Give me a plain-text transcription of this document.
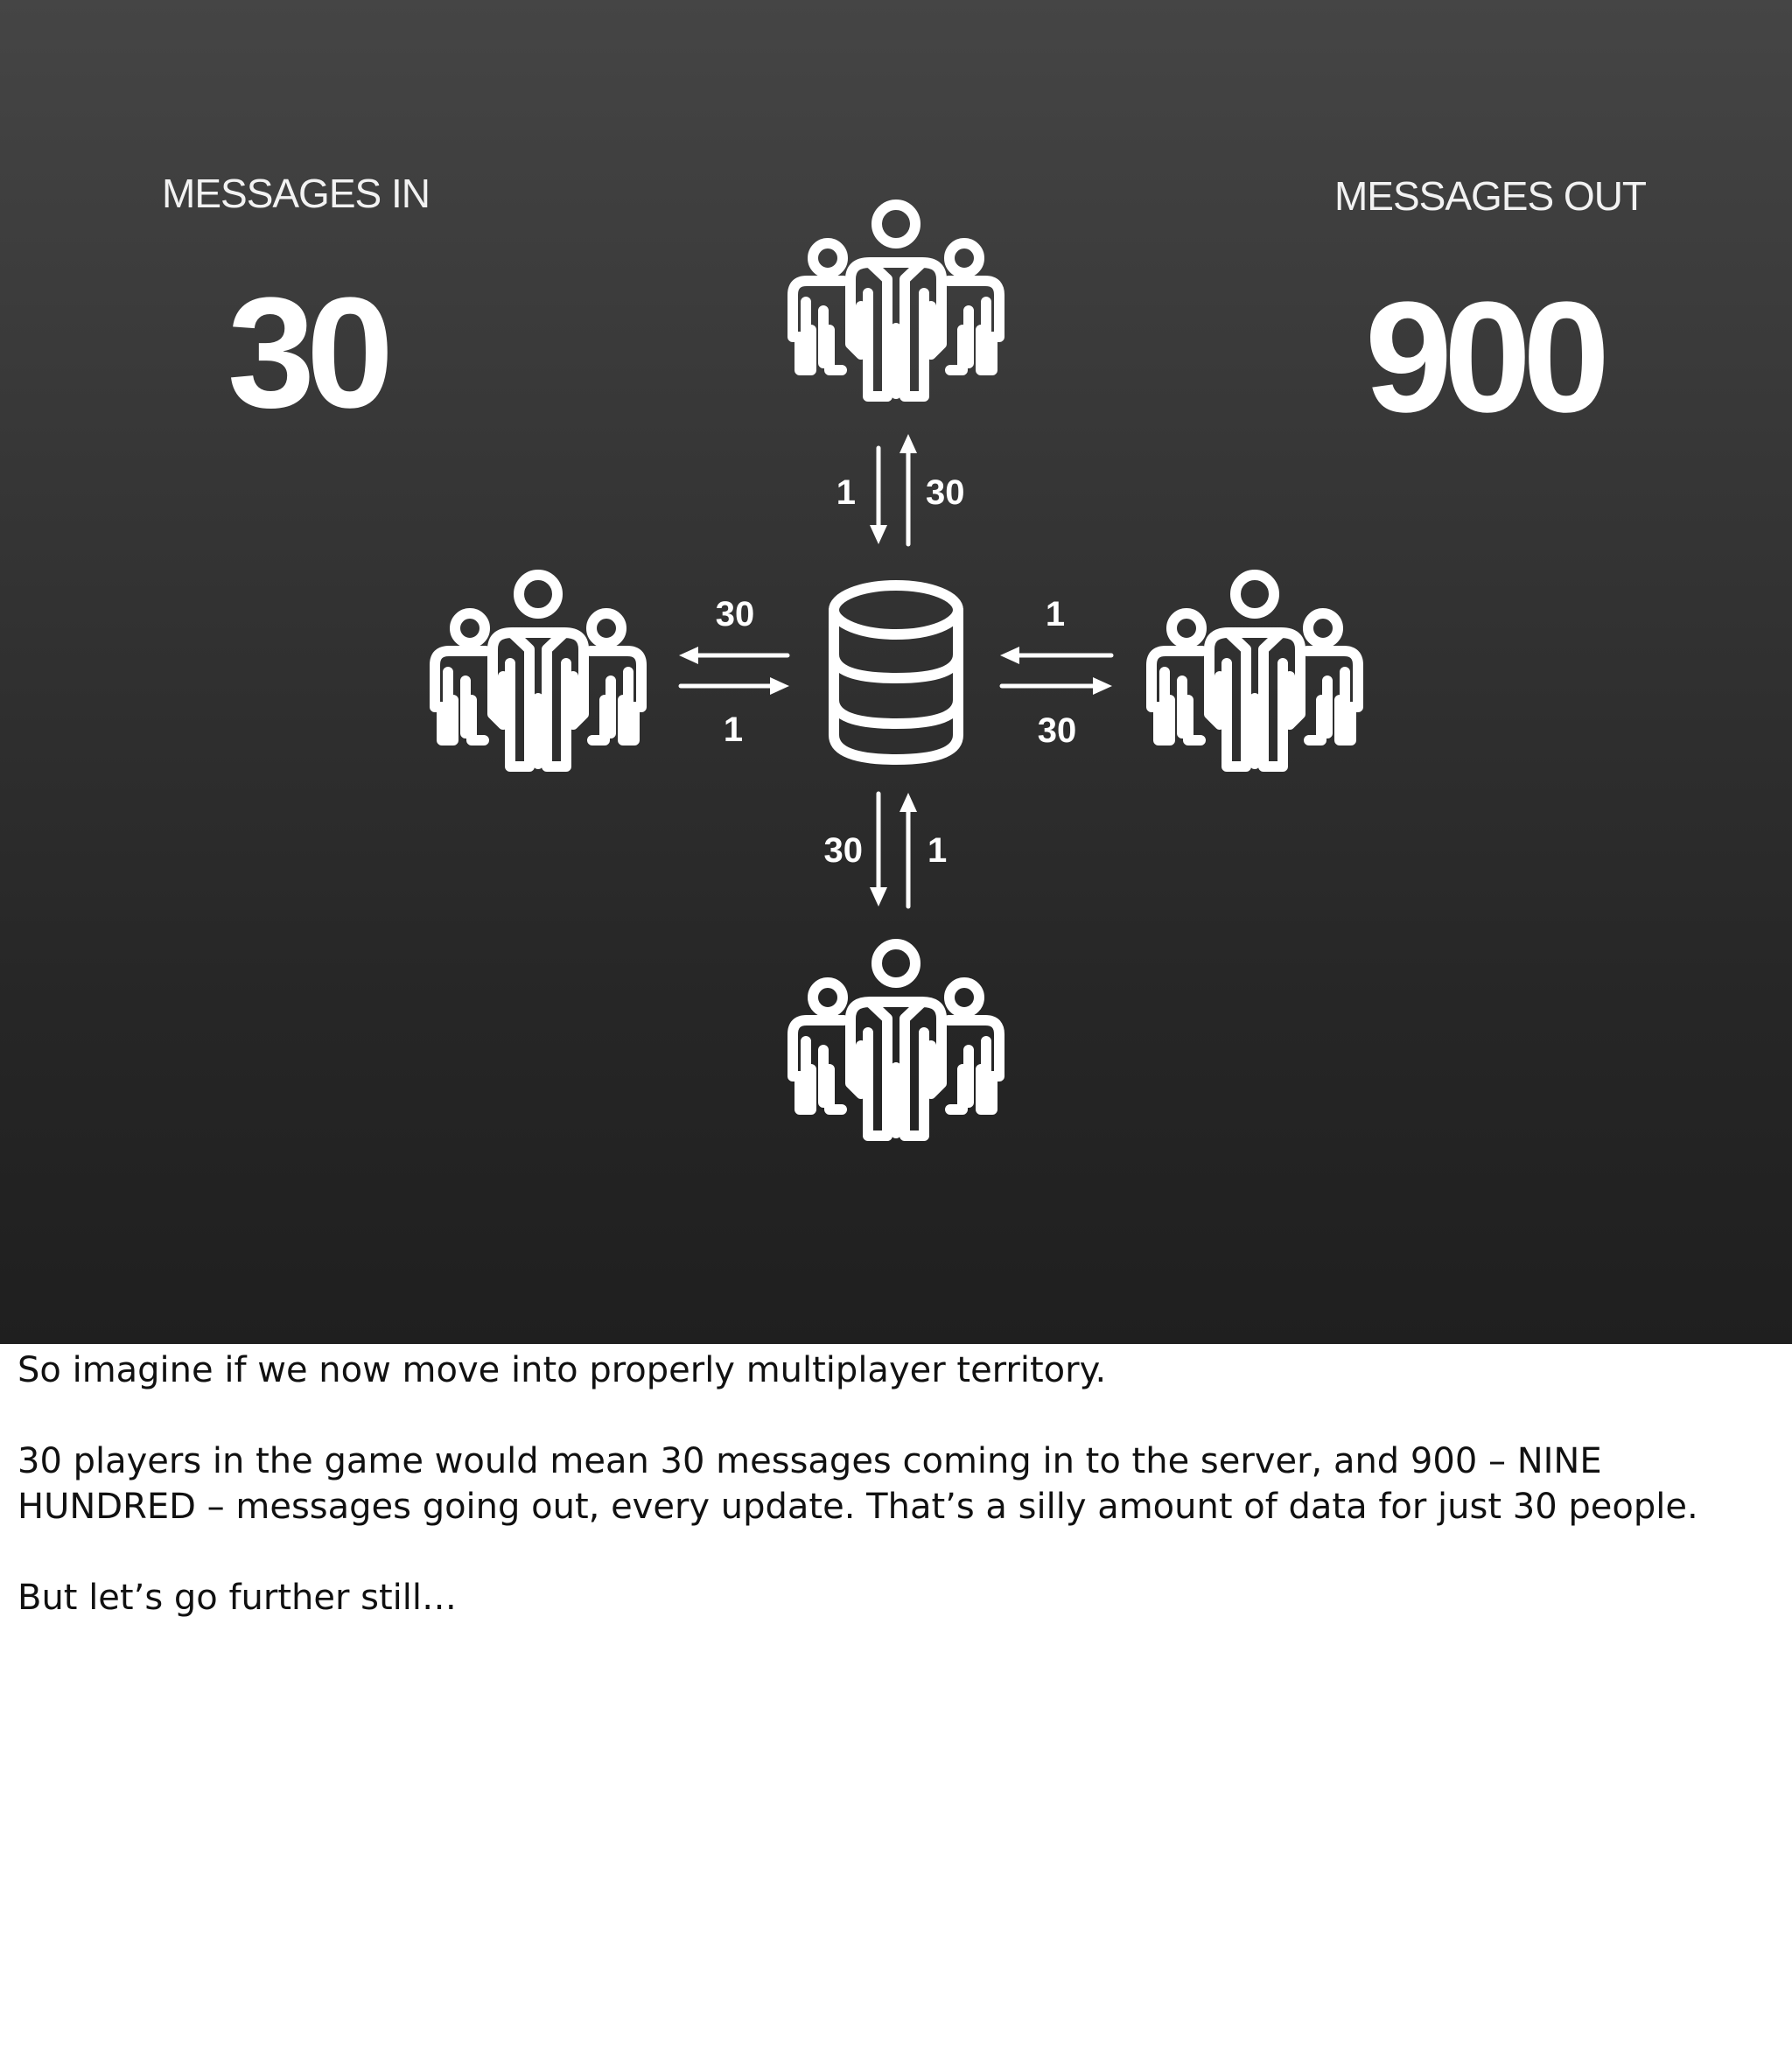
MESSAGES IN
30
MESSAGES OUT
900
1 30
30
1
1
30
30 1

So imagine if we now move into properly multiplayer territory.

30 players in the game would mean 30 messages coming in to the server, and 900 – NINE HUNDRED – messages going out, every update. That’s a silly amount of data for just 30 people.

But let’s go further still…
